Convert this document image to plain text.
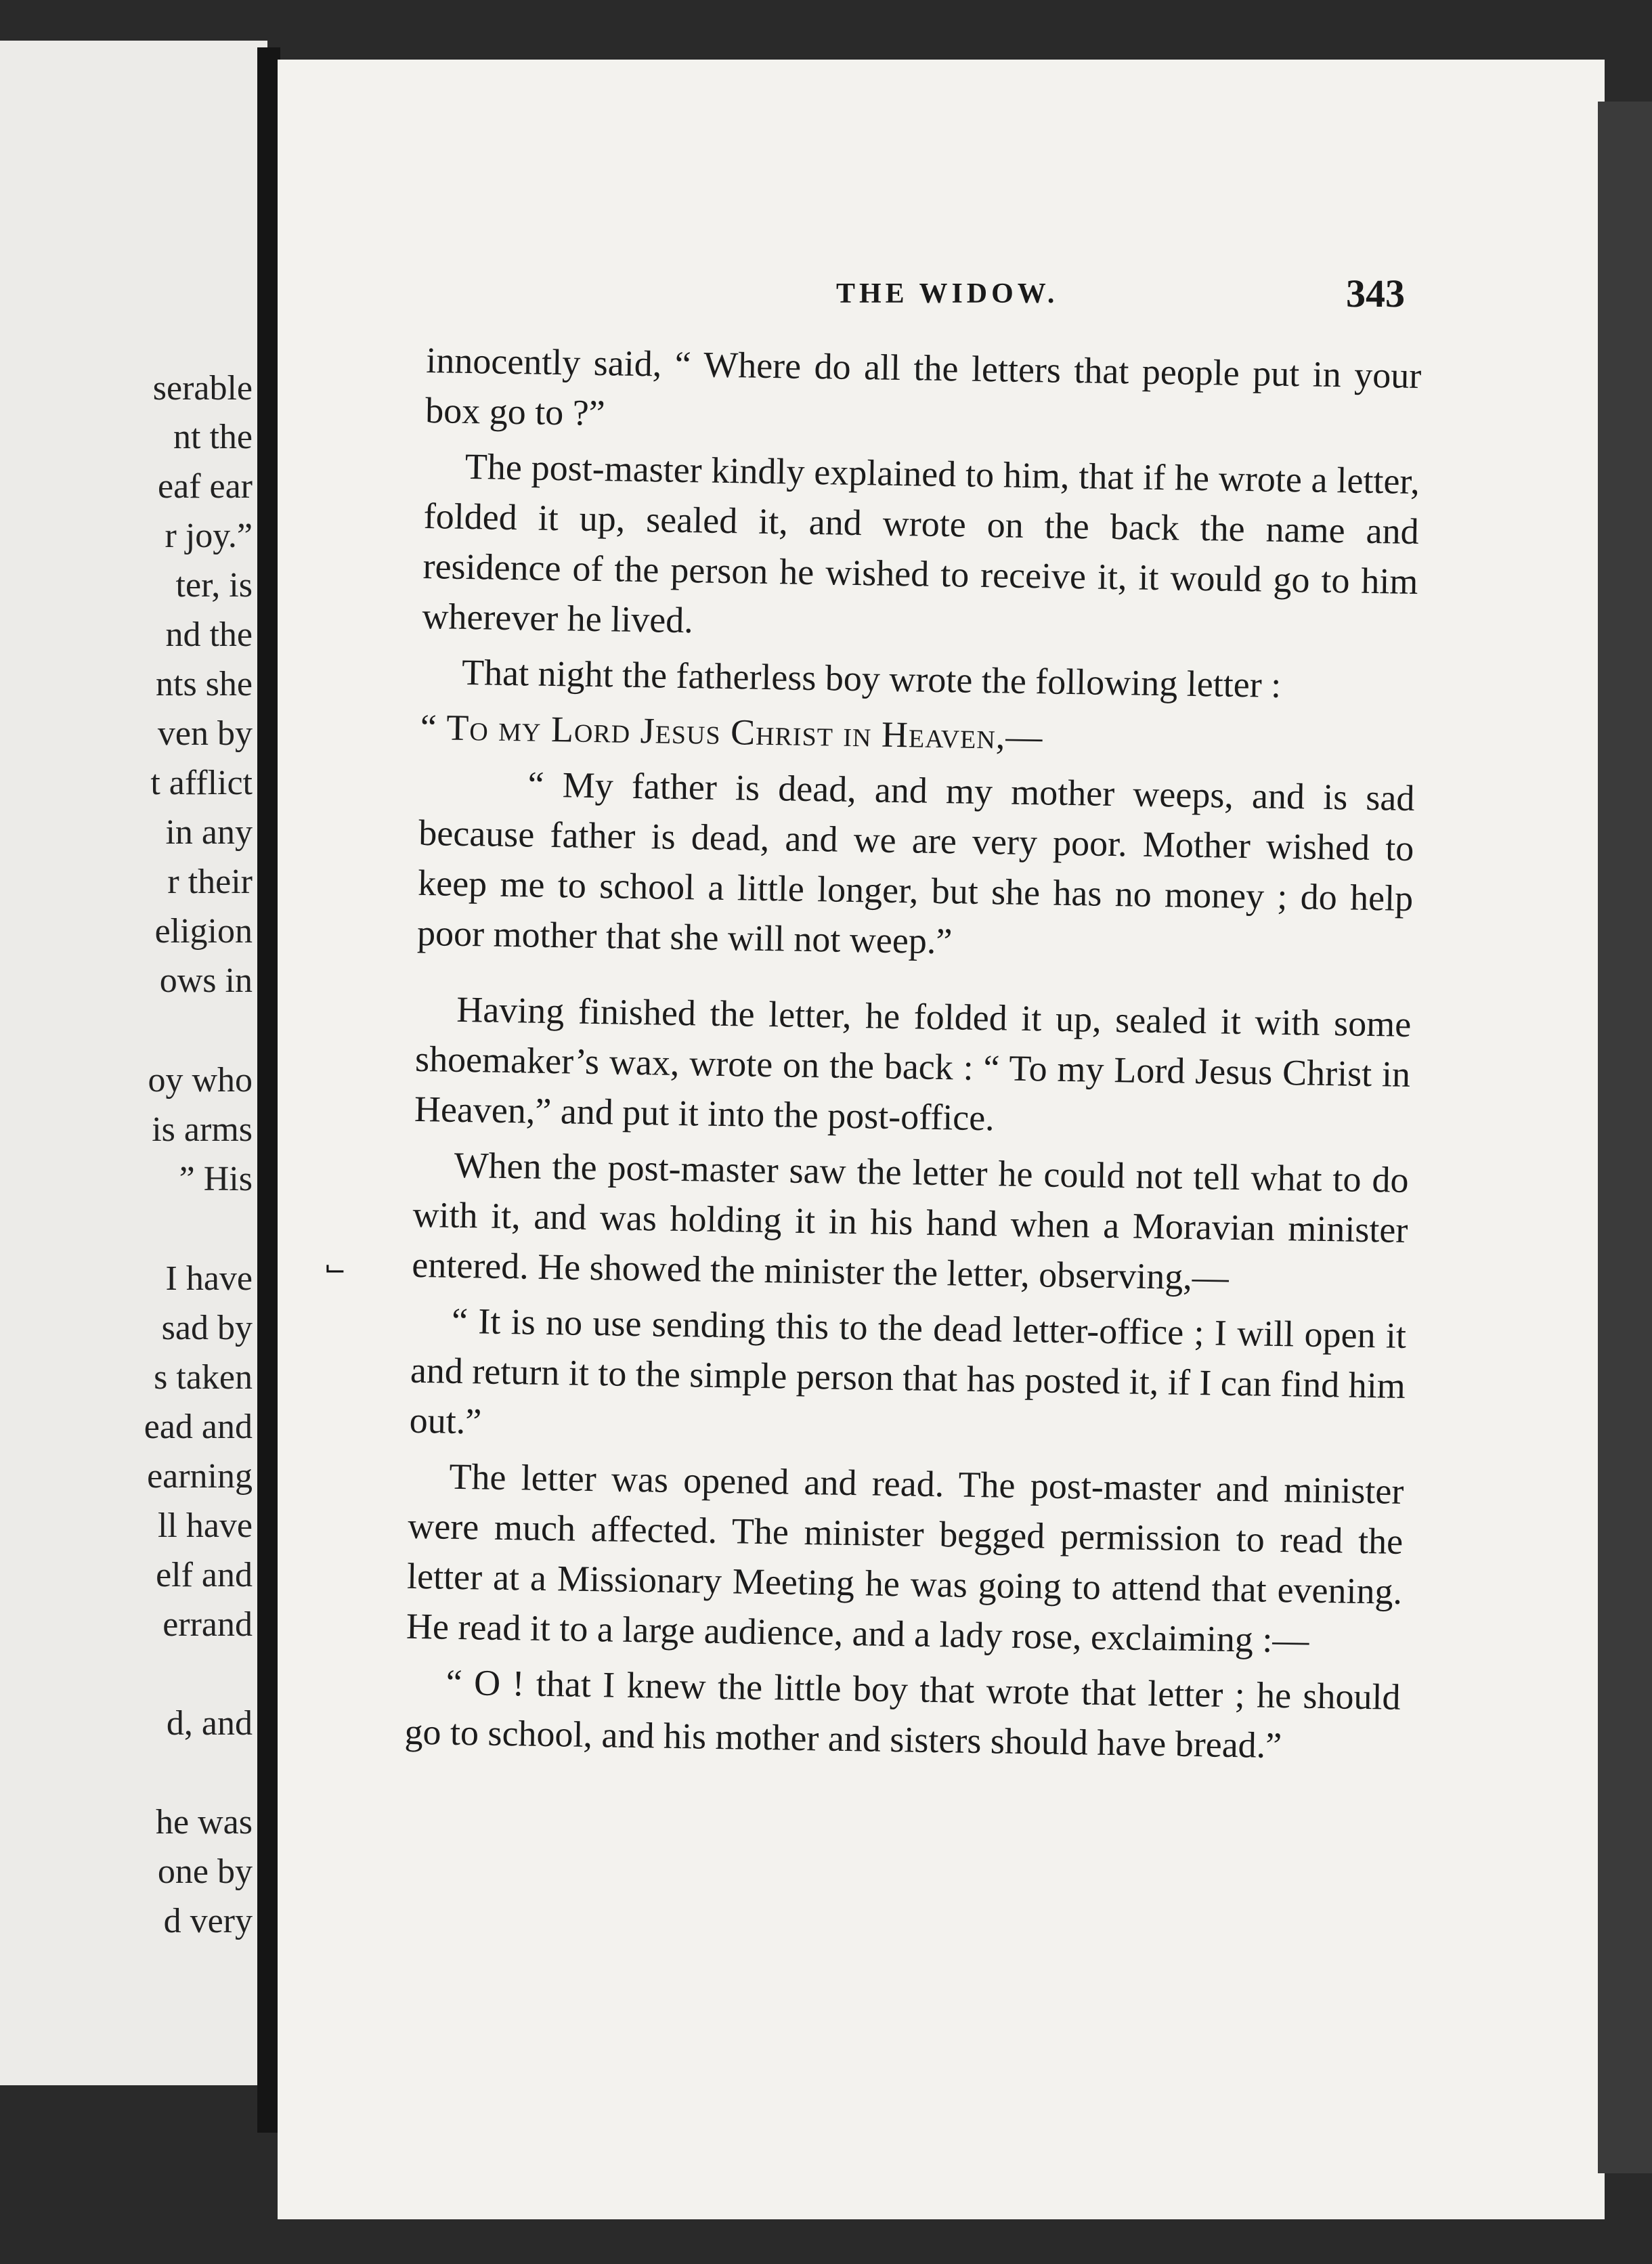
serable
nt the
eaf ear
r joy.”
ter, is
nd the
nts she
ven by
t afflict
in any
r their
eligion
ows in
oy who
is arms
” His
I have
sad by
s taken
ead and
earning
ll have
elf and
errand
d, and
he was
one by
d very
THE WIDOW.	343
⌙

innocently said, “ Where do all the letters that people put in your box go to ?”

The post-master kindly explained to him, that if he wrote a letter, folded it up, sealed it, and wrote on the back the name and residence of the person he wished to receive it, it would go to him wherever he lived.

That night the fatherless boy wrote the following letter :

“ To my Lord Jesus Christ in Heaven,—

“ My father is dead, and my mother weeps, and is sad because father is dead, and we are very poor. Mother wished to keep me to school a little longer, but she has no money ; do help poor mother that she will not weep.”

Having finished the letter, he folded it up, sealed it with some shoemaker’s wax, wrote on the back : “ To my Lord Jesus Christ in Heaven,” and put it into the post-office.

When the post-master saw the letter he could not tell what to do with it, and was holding it in his hand when a Moravian minister entered. He showed the minister the letter, observing,—

“ It is no use sending this to the dead letter-office ; I will open it and return it to the simple person that has posted it, if I can find him out.”

The letter was opened and read. The post-master and minister were much affected. The minister begged permission to read the letter at a Missionary Meeting he was going to attend that evening. He read it to a large audience, and a lady rose, exclaiming :—

“ O ! that I knew the little boy that wrote that letter ; he should go to school, and his mother and sisters should have bread.”
